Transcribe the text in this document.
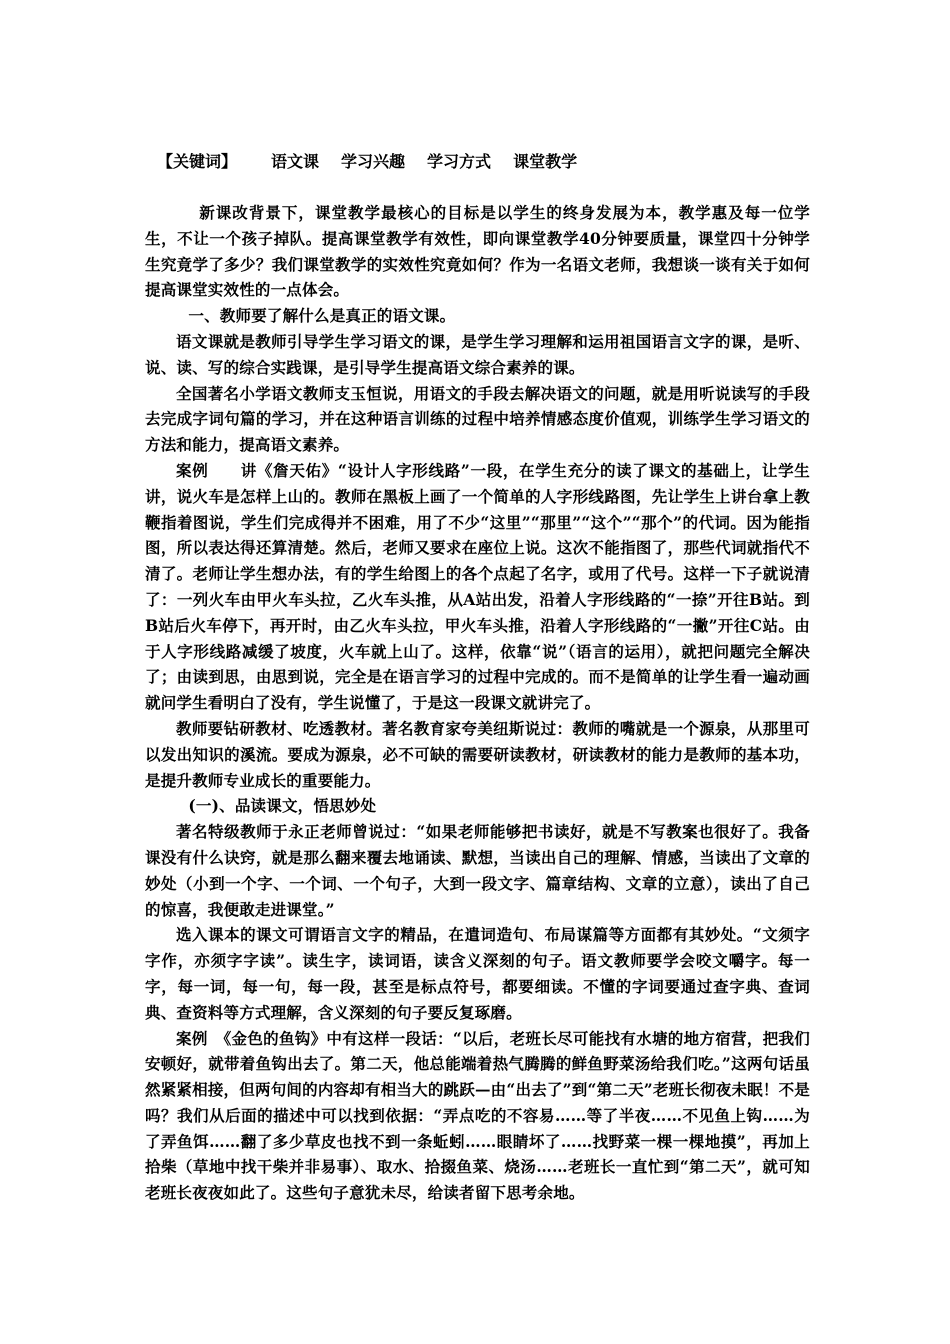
【关键词】 语文课 学习兴趣 学习方式 课堂教学

新课改背景下，课堂教学最核心的目标是以学生的终身发展为本，教学惠及每一位学生，不让一个孩子掉队。提高课堂教学有效性，即向课堂教学40分钟要质量，课堂四十分钟学生究竟学了多少？我们课堂教学的实效性究竟如何？作为一名语文老师，我想谈一谈有关于如何提高课堂实效性的一点体会。

一、教师要了解什么是真正的语文课。

语文课就是教师引导学生学习语文的课，是学生学习理解和运用祖国语言文字的课，是听、说、读、写的综合实践课，是引导学生提高语文综合素养的课。

全国著名小学语文教师支玉恒说，用语文的手段去解决语文的问题，就是用听说读写的手段去完成字词句篇的学习，并在这种语言训练的过程中培养情感态度价值观，训练学生学习语文的方法和能力，提高语文素养。

案例　　讲《詹天佑》“设计人字形线路”一段，在学生充分的读了课文的基础上，让学生讲，说火车是怎样上山的。教师在黑板上画了一个简单的人字形线路图，先让学生上讲台拿上教鞭指着图说，学生们完成得并不困难，用了不少“这里”“那里”“这个”“那个”的代词。因为能指图，所以表达得还算清楚。然后，老师又要求在座位上说。这次不能指图了，那些代词就指代不清了。老师让学生想办法，有的学生给图上的各个点起了名字，或用了代号。这样一下子就说清了：一列火车由甲火车头拉，乙火车头推，从A站出发，沿着人字形线路的“一捺”开往B站。到B站后火车停下，再开时，由乙火车头拉，甲火车头推，沿着人字形线路的“一撇”开往C站。由于人字形线路减缓了坡度，火车就上山了。这样，依靠“说”（语言的运用），就把问题完全解决了；由读到思，由思到说，完全是在语言学习的过程中完成的。而不是简单的让学生看一遍动画就问学生看明白了没有，学生说懂了，于是这一段课文就讲完了。

教师要钻研教材、吃透教材。著名教育家夸美纽斯说过：教师的嘴就是一个源泉，从那里可以发出知识的溪流。要成为源泉，必不可缺的需要研读教材，研读教材的能力是教师的基本功，是提升教师专业成长的重要能力。

(一)、品读课文，悟思妙处

著名特级教师于永正老师曾说过：“如果老师能够把书读好，就是不写教案也很好了。我备课没有什么诀窍，就是那么翻来覆去地诵读、默想，当读出自己的理解、情感，当读出了文章的妙处（小到一个字、一个词、一个句子，大到一段文字、篇章结构、文章的立意），读出了自己的惊喜，我便敢走进课堂。”

选入课本的课文可谓语言文字的精品，在遣词造句、布局谋篇等方面都有其妙处。“文须字字作，亦须字字读”。读生字，读词语，读含义深刻的句子。语文教师要学会咬文嚼字。每一字，每一词，每一句，每一段，甚至是标点符号，都要细读。不懂的字词要通过查字典、查词典、查资料等方式理解，含义深刻的句子要反复琢磨。

案例　《金色的鱼钩》中有这样一段话：“以后，老班长尽可能找有水塘的地方宿营，把我们安顿好，就带着鱼钩出去了。第二天，他总能端着热气腾腾的鲜鱼野菜汤给我们吃。”这两句话虽然紧紧相接，但两句间的内容却有相当大的跳跃—由“出去了”到“第二天”老班长彻夜未眠！不是吗？我们从后面的描述中可以找到依据：“弄点吃的不容易……等了半夜……不见鱼上钩……为了弄鱼饵……翻了多少草皮也找不到一条蚯蚓……眼睛坏了……找野菜一棵一棵地摸”，再加上拾柴（草地中找干柴并非易事）、取水、拾掇鱼菜、烧汤……老班长一直忙到“第二天”，就可知老班长夜夜如此了。这些句子意犹未尽，给读者留下思考余地。
